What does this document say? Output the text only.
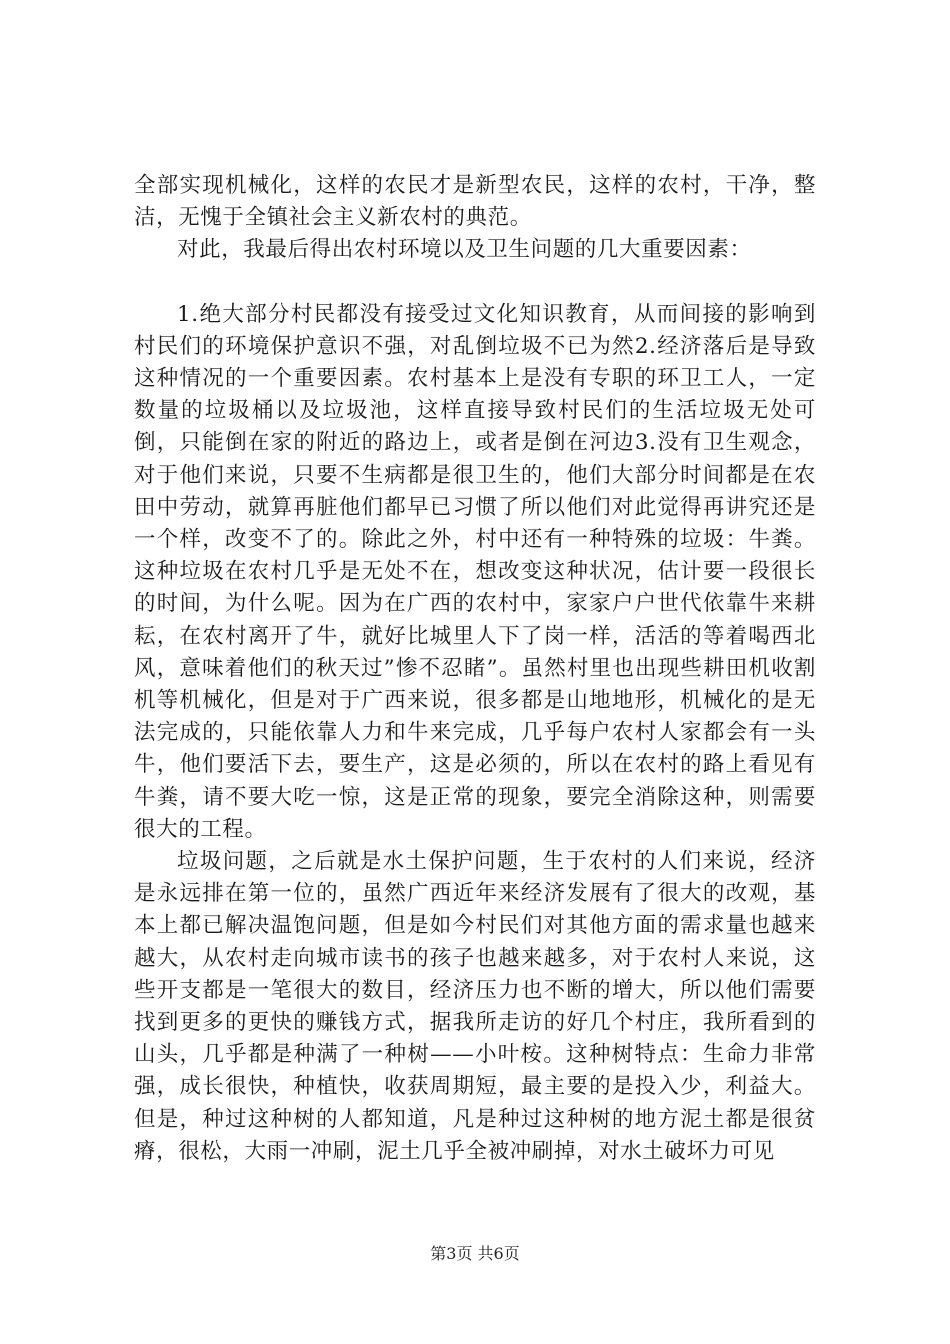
全部实现机械化，这样的农民才是新型农民，这样的农村，干净，整洁，无愧于全镇社会主义新农村的典范。

对此，我最后得出农村环境以及卫生问题的几大重要因素：

1.绝大部分村民都没有接受过文化知识教育，从而间接的影响到村民们的环境保护意识不强，对乱倒垃圾不已为然2.经济落后是导致这种情况的一个重要因素。农村基本上是没有专职的环卫工人，一定数量的垃圾桶以及垃圾池，这样直接导致村民们的生活垃圾无处可倒，只能倒在家的附近的路边上，或者是倒在河边3.没有卫生观念，对于他们来说，只要不生病都是很卫生的，他们大部分时间都是在农田中劳动，就算再脏他们都早已习惯了所以他们对此觉得再讲究还是一个样，改变不了的。除此之外，村中还有一种特殊的垃圾：牛粪。这种垃圾在农村几乎是无处不在，想改变这种状况，估计要一段很长的时间，为什么呢。因为在广西的农村中，家家户户世代依靠牛来耕耘，在农村离开了牛，就好比城里人下了岗一样，活活的等着喝西北风，意味着他们的秋天过”惨不忍睹”。虽然村里也出现些耕田机收割机等机械化，但是对于广西来说，很多都是山地地形，机械化的是无法完成的，只能依靠人力和牛来完成，几乎每户农村人家都会有一头牛，他们要活下去，要生产，这是必须的，所以在农村的路上看见有牛粪，请不要大吃一惊，这是正常的现象，要完全消除这种，则需要很大的工程。

垃圾问题，之后就是水土保护问题，生于农村的人们来说，经济是永远排在第一位的，虽然广西近年来经济发展有了很大的改观，基本上都已解决温饱问题，但是如今村民们对其他方面的需求量也越来越大，从农村走向城市读书的孩子也越来越多，对于农村人来说，这些开支都是一笔很大的数目，经济压力也不断的增大，所以他们需要找到更多的更快的赚钱方式，据我所走访的好几个村庄，我所看到的山头，几乎都是种满了一种树——小叶桉。这种树特点：生命力非常强，成长很快，种植快，收获周期短，最主要的是投入少，利益大。但是，种过这种树的人都知道，凡是种过这种树的地方泥土都是很贫瘠，很松，大雨一冲刷，泥土几乎全被冲刷掉，对水土破坏力可见

第3页 共6页
